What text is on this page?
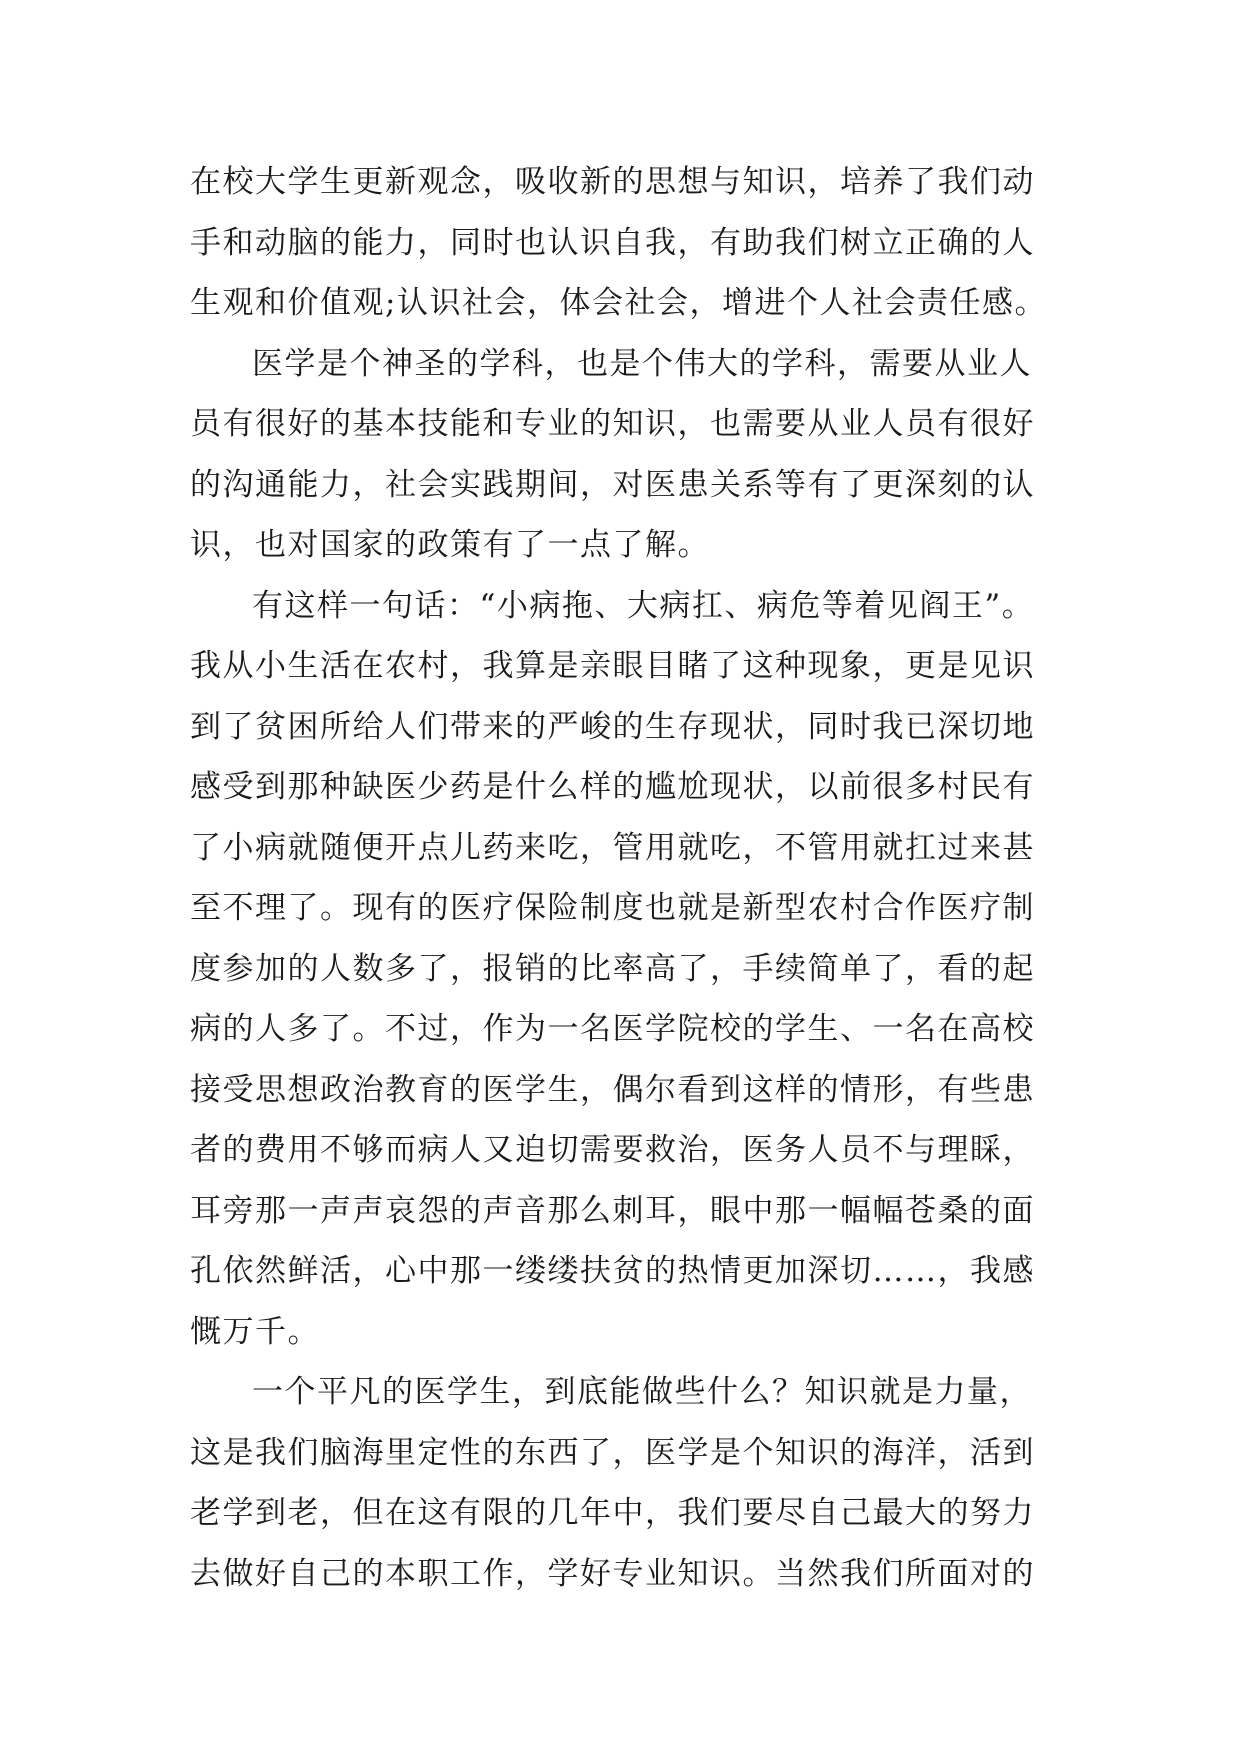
在校大学生更新观念，吸收新的思想与知识，培养了我们动
手和动脑的能力，同时也认识自我，有助我们树立正确的人
生观和价值观;认识社会，体会社会，增进个人社会责任感。
医学是个神圣的学科，也是个伟大的学科，需要从业人
员有很好的基本技能和专业的知识，也需要从业人员有很好
的沟通能力，社会实践期间，对医患关系等有了更深刻的认
识，也对国家的政策有了一点了解。
有这样一句话：“小病拖、大病扛、病危等着见阎王”。
我从小生活在农村，我算是亲眼目睹了这种现象，更是见识
到了贫困所给人们带来的严峻的生存现状，同时我已深切地
感受到那种缺医少药是什么样的尴尬现状，以前很多村民有
了小病就随便开点儿药来吃，管用就吃，不管用就扛过来甚
至不理了。现有的医疗保险制度也就是新型农村合作医疗制
度参加的人数多了，报销的比率高了，手续简单了，看的起
病的人多了。不过，作为一名医学院校的学生、一名在高校
接受思想政治教育的医学生，偶尔看到这样的情形，有些患
者的费用不够而病人又迫切需要救治，医务人员不与理睬，
耳旁那一声声哀怨的声音那么刺耳，眼中那一幅幅苍桑的面
孔依然鲜活，心中那一缕缕扶贫的热情更加深切……，我感
慨万千。
一个平凡的医学生，到底能做些什么？知识就是力量，
这是我们脑海里定性的东西了，医学是个知识的海洋，活到
老学到老，但在这有限的几年中，我们要尽自己最大的努力
去做好自己的本职工作，学好专业知识。当然我们所面对的
